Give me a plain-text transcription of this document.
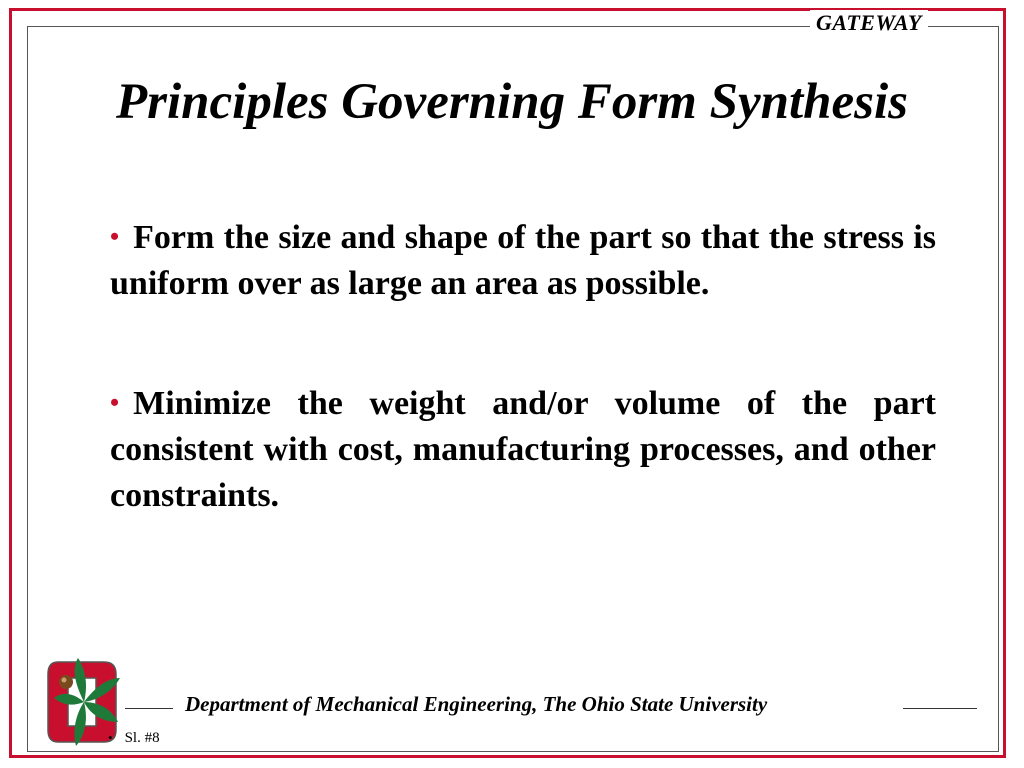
GATEWAY
Principles Governing Form Synthesis
• Form the size and shape of the part so that the stress is uniform over as large an area as possible.
• Minimize the weight and/or volume of the part consistent with cost, manufacturing processes, and other constraints.
Department of Mechanical Engineering, The Ohio State University
• Sl. #8
